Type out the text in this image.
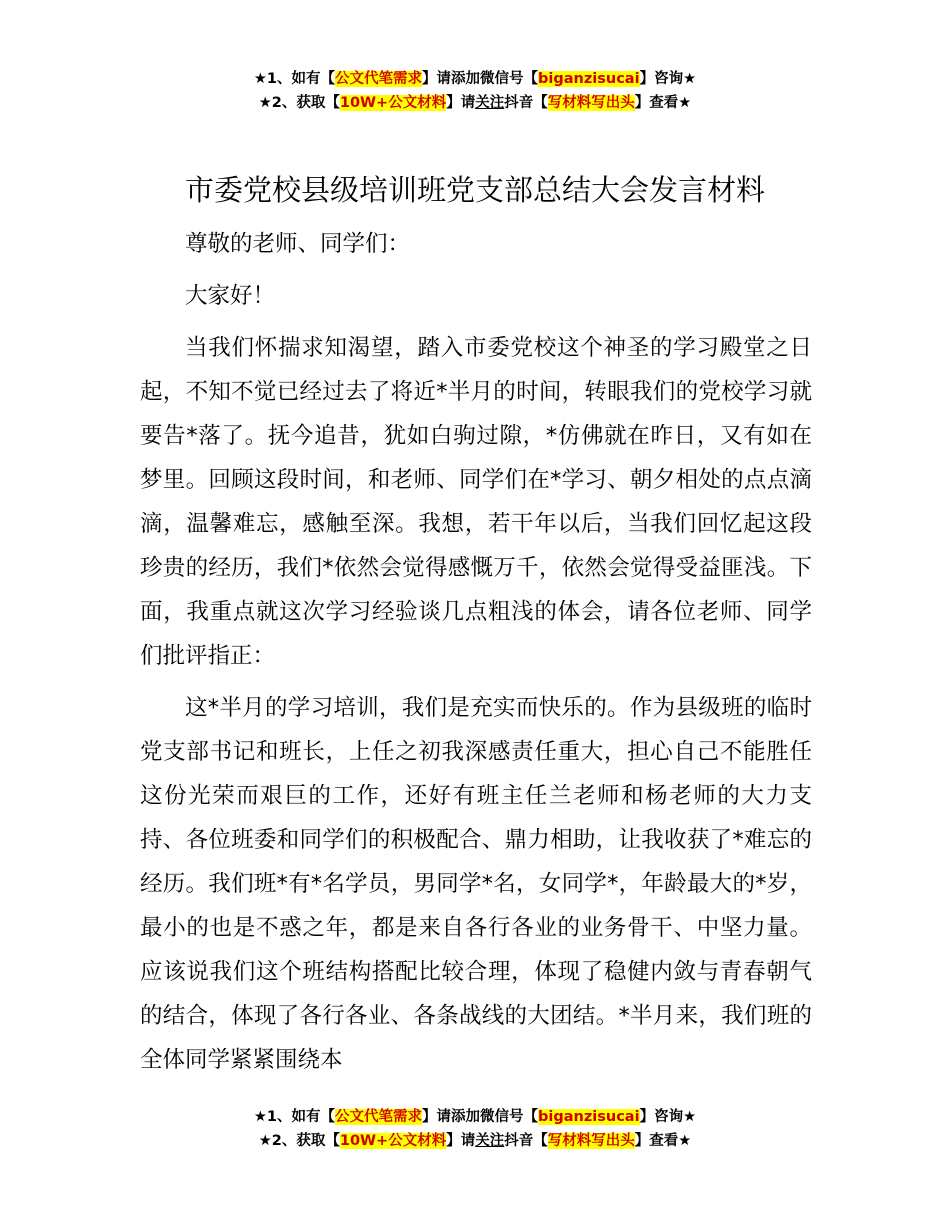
★1、如有【公文代笔需求】请添加微信号【biganzisucai】咨询★
★2、获取【10W+公文材料】请关注抖音【写材料写出头】查看★
市委党校县级培训班党支部总结大会发言材料

尊敬的老师、同学们：

大家好！

当我们怀揣求知渴望，踏入市委党校这个神圣的学习殿堂之日起，不知不觉已经过去了将近*半月的时间，转眼我们的党校学习就要告*落了。抚今追昔，犹如白驹过隙，*仿佛就在昨日，又有如在梦里。回顾这段时间，和老师、同学们在*学习、朝夕相处的点点滴滴，温馨难忘，感触至深。我想，若干年以后，当我们回忆起这段珍贵的经历，我们*依然会觉得感慨万千，依然会觉得受益匪浅。下面，我重点就这次学习经验谈几点粗浅的体会，请各位老师、同学们批评指正：

这*半月的学习培训，我们是充实而快乐的。作为县级班的临时党支部书记和班长，上任之初我深感责任重大，担心自己不能胜任这份光荣而艰巨的工作，还好有班主任兰老师和杨老师的大力支持、各位班委和同学们的积极配合、鼎力相助，让我收获了*难忘的经历。我们班*有*名学员，男同学*名，女同学*，年龄最大的*岁，最小的也是不惑之年，都是来自各行各业的业务骨干、中坚力量。应该说我们这个班结构搭配比较合理，体现了稳健内敛与青春朝气的结合，体现了各行各业、各条战线的大团结。*半月来，我们班的全体同学紧紧围绕本

★1、如有【公文代笔需求】请添加微信号【biganzisucai】咨询★
★2、获取【10W+公文材料】请关注抖音【写材料写出头】查看★
